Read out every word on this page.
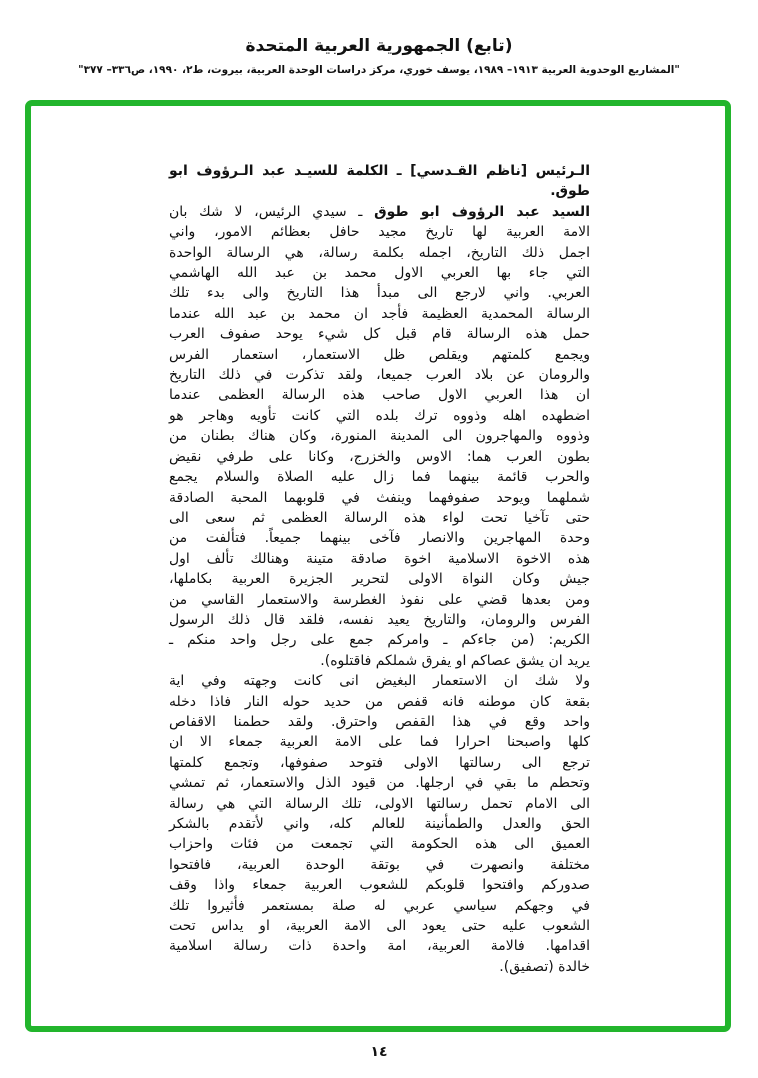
(تابع) الجمهورية العربية المتحدة
"المشاريع الوحدوية العربية ١٩١٣– ١٩٨٩، يوسف خوري، مركز دراسات الوحدة العربية، بيروت، ط٢، ١٩٩٠، ص٣٣٦– ٣٧٧"
الـرئيس [ناظم القـدسي] ـ الكلمة للسيـد عبد الـرؤوف ابو
طوق.
السيد عبد الرؤوف ابو طوق ـ سيدي الرئيس، لا شك بان
الامة العربية لها تاريخ مجيد حافل بعظائم الامور، واني
اجمل ذلك التاريخ، اجمله بكلمة رسالة، هي الرسالة الواحدة
التي جاء بها العربي الاول محمد بن عبد الله الهاشمي
العربي. واني لارجع الى مبدأ هذا التاريخ والى بدء تلك
الرسالة المحمدية العظيمة فأجد ان محمد بن عبد الله عندما
حمل هذه الرسالة قام قبل كل شيء يوحد صفوف العرب
ويجمع كلمتهم ويقلص ظل الاستعمار، استعمار الفرس
والرومان عن بلاد العرب جميعا، ولقد تذكرت في ذلك التاريخ
ان هذا العربي الاول صاحب هذه الرسالة العظمى عندما
اضطهده اهله وذووه ترك بلده التي كانت تأويه وهاجر هو
وذووه والمهاجرون الى المدينة المنورة، وكان هناك بطنان من
بطون العرب هما: الاوس والخزرج، وكانا على طرفي نقيض
والحرب قائمة بينهما فما زال عليه الصلاة والسلام يجمع
شملهما ويوحد صفوفهما وينفث في قلوبهما المحبة الصادقة
حتى تآخيا تحت لواء هذه الرسالة العظمى ثم سعى الى
وحدة المهاجرين والانصار فآخى بينهما جميعاً. فتألفت من
هذه الاخوة الاسلامية اخوة صادقة متينة وهنالك تألف اول
جيش وكان النواة الاولى لتحرير الجزيرة العربية بكاملها،
ومن بعدها قضي على نفوذ الغطرسة والاستعمار القاسي من
الفرس والرومان، والتاريخ يعيد نفسه، فلقد قال ذلك الرسول
الكريم: (من جاءكم ـ وامركم جمع على رجل واحد منكم ـ
يريد ان يشق عصاكم او يفرق شملكم فاقتلوه).
ولا شك ان الاستعمار البغيض انى كانت وجهته وفي اية
بقعة كان موطنه فانه قفص من حديد حوله النار فاذا دخله
واحد وقع في هذا القفص واحترق. ولقد حطمنا الاقفاص
كلها واصبحنا احرارا فما على الامة العربية جمعاء الا ان
ترجع الى رسالتها الاولى فتوحد صفوفها، وتجمع كلمتها
وتحطم ما بقي في ارجلها. من قيود الذل والاستعمار، ثم تمشي
الى الامام تحمل رسالتها الاولى، تلك الرسالة التي هي رسالة
الحق والعدل والطمأنينة للعالم كله، واني لأتقدم بالشكر
العميق الى هذه الحكومة التي تجمعت من فئات واحزاب
مختلفة وانصهرت في بوتقة الوحدة العربية، فافتحوا
صدوركم وافتحوا قلوبكم للشعوب العربية جمعاء واذا وقف
في وجهكم سياسي عربي له صلة بمستعمر فأثيروا تلك
الشعوب عليه حتى يعود الى الامة العربية، او يداس تحت
اقدامها. فالامة العربية، امة واحدة ذات رسالة اسلامية
خالدة (تصفيق).
١٤
